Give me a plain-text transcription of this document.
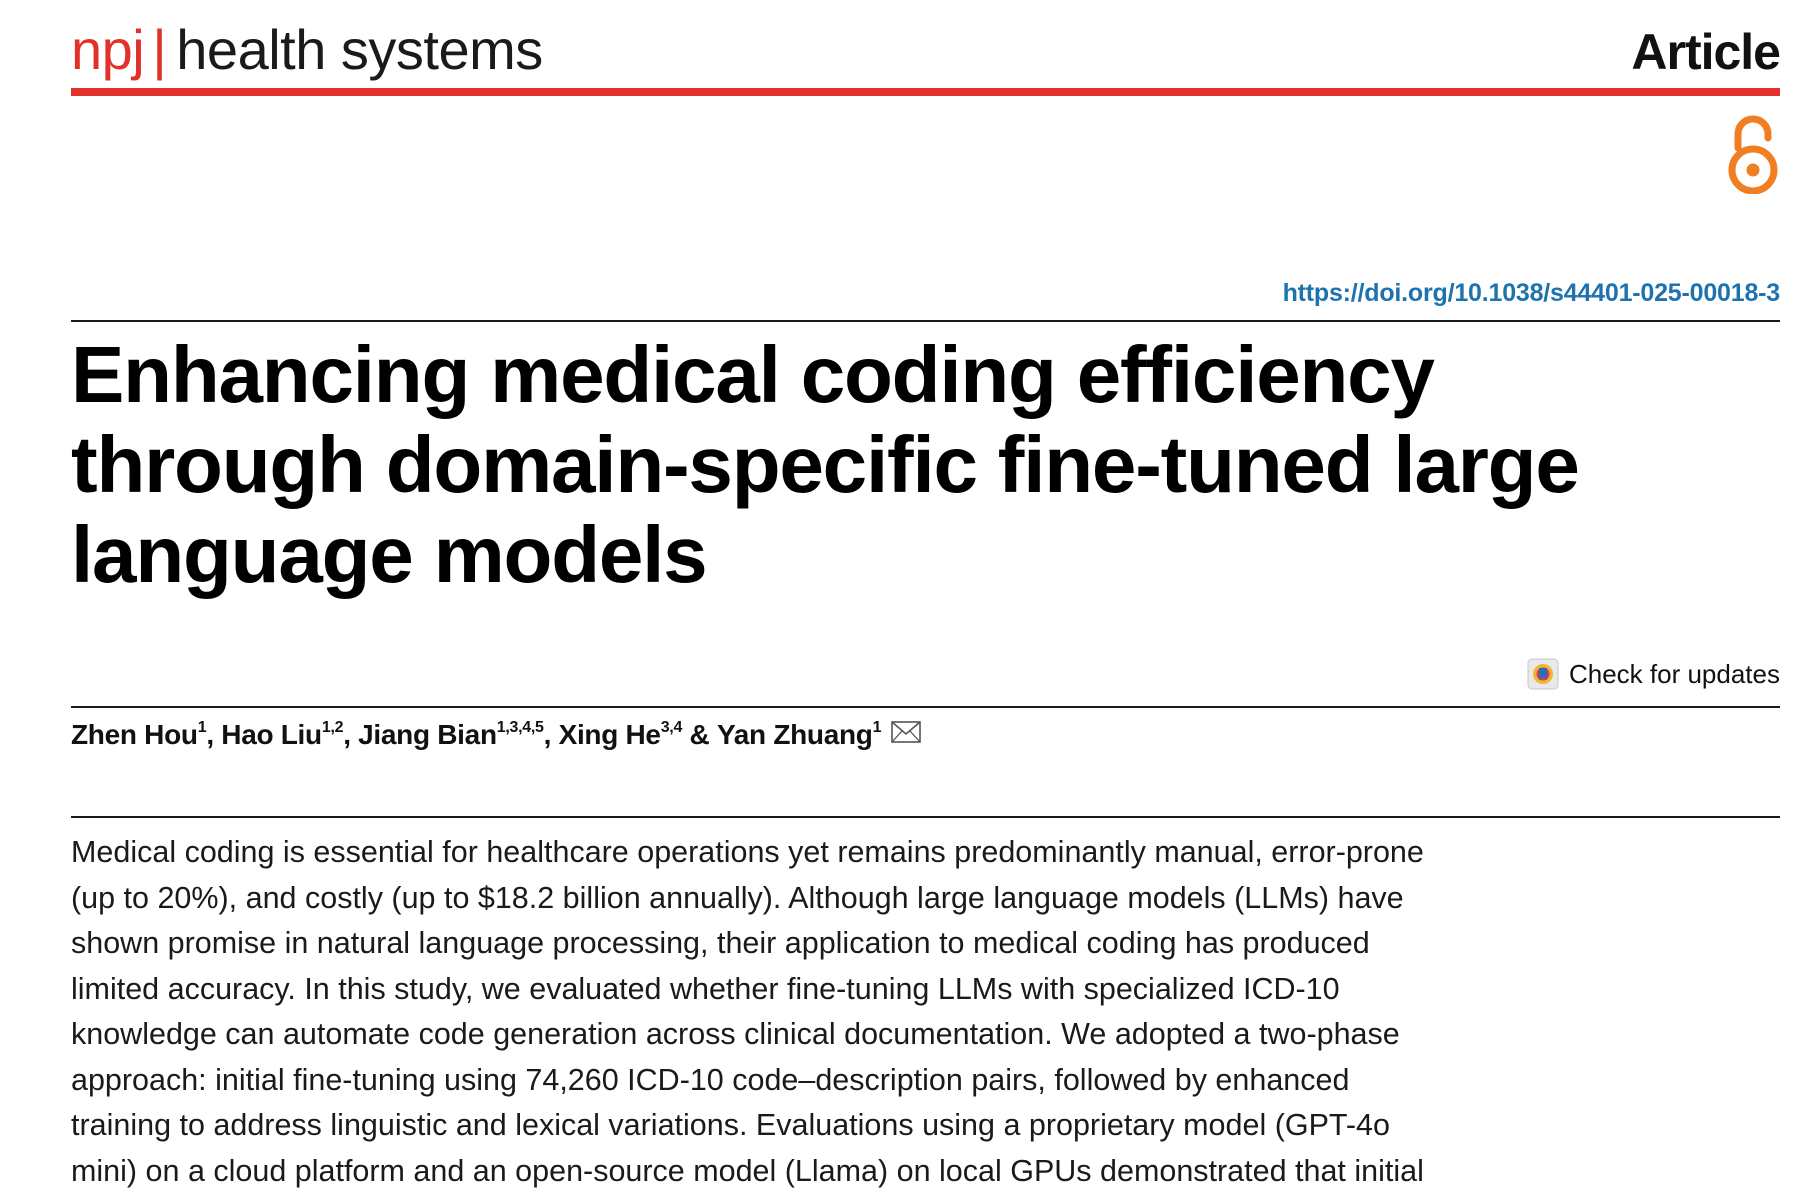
npj | health systems	Article
https://doi.org/10.1038/s44401-025-00018-3
Enhancing medical coding efficiency
through domain-specific fine-tuned large
language models
Check for updates
Zhen Hou$^1$ , Hao Liu$^{1,2}$ , Jiang Bian$^{1,3,4,5}$ , Xing He$^{3,4}$ & Yan Zhuang$^1$

Medical coding is essential for healthcare operations yet remains predominantly manual, error-prone

(up to 20%), and costly (up to $18.2 billion annually). Although large language models (LLMs) have

shown promise in natural language processing, their application to medical coding has produced

limited accuracy. In this study, we evaluated whether fine-tuning LLMs with specialized ICD-10

knowledge can automate code generation across clinical documentation. We adopted a two-phase

approach: initial fine-tuning using 74,260 ICD-10 code–description pairs, followed by enhanced

training to address linguistic and lexical variations. Evaluations using a proprietary model (GPT-4o

mini) on a cloud platform and an open-source model (Llama) on local GPUs demonstrated that initial
